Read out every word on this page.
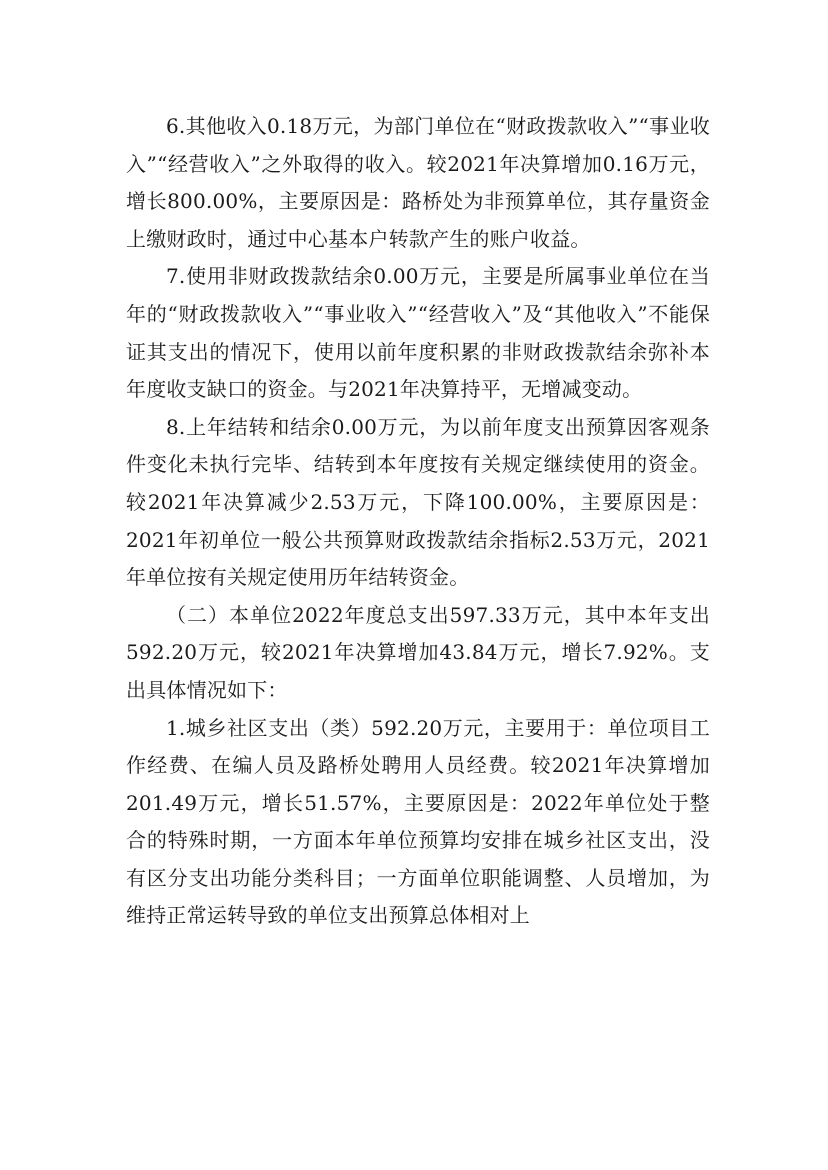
6.其他收入0.18万元，为部门单位在“财政拨款收入”“事业收入”“经营收入”之外取得的收入。较2021年决算增加0.16万元，增长800.00%，主要原因是：路桥处为非预算单位，其存量资金上缴财政时，通过中心基本户转款产生的账户收益。

7.使用非财政拨款结余0.00万元，主要是所属事业单位在当年的“财政拨款收入”“事业收入”“经营收入”及“其他收入”不能保证其支出的情况下，使用以前年度积累的非财政拨款结余弥补本年度收支缺口的资金。与2021年决算持平，无增减变动。

8.上年结转和结余0.00万元，为以前年度支出预算因客观条件变化未执行完毕、结转到本年度按有关规定继续使用的资金。较2021年决算减少2.53万元，下降100.00%，主要原因是：2021年初单位一般公共预算财政拨款结余指标2.53万元，2021年单位按有关规定使用历年结转资金。

（二）本单位2022年度总支出597.33万元，其中本年支出592.20万元，较2021年决算增加43.84万元，增长7.92%。支出具体情况如下：

1.城乡社区支出（类）592.20万元，主要用于：单位项目工作经费、在编人员及路桥处聘用人员经费。较2021年决算增加201.49万元，增长51.57%，主要原因是：2022年单位处于整合的特殊时期，一方面本年单位预算均安排在城乡社区支出，没有区分支出功能分类科目；一方面单位职能调整、人员增加，为维持正常运转导致的单位支出预算总体相对上
